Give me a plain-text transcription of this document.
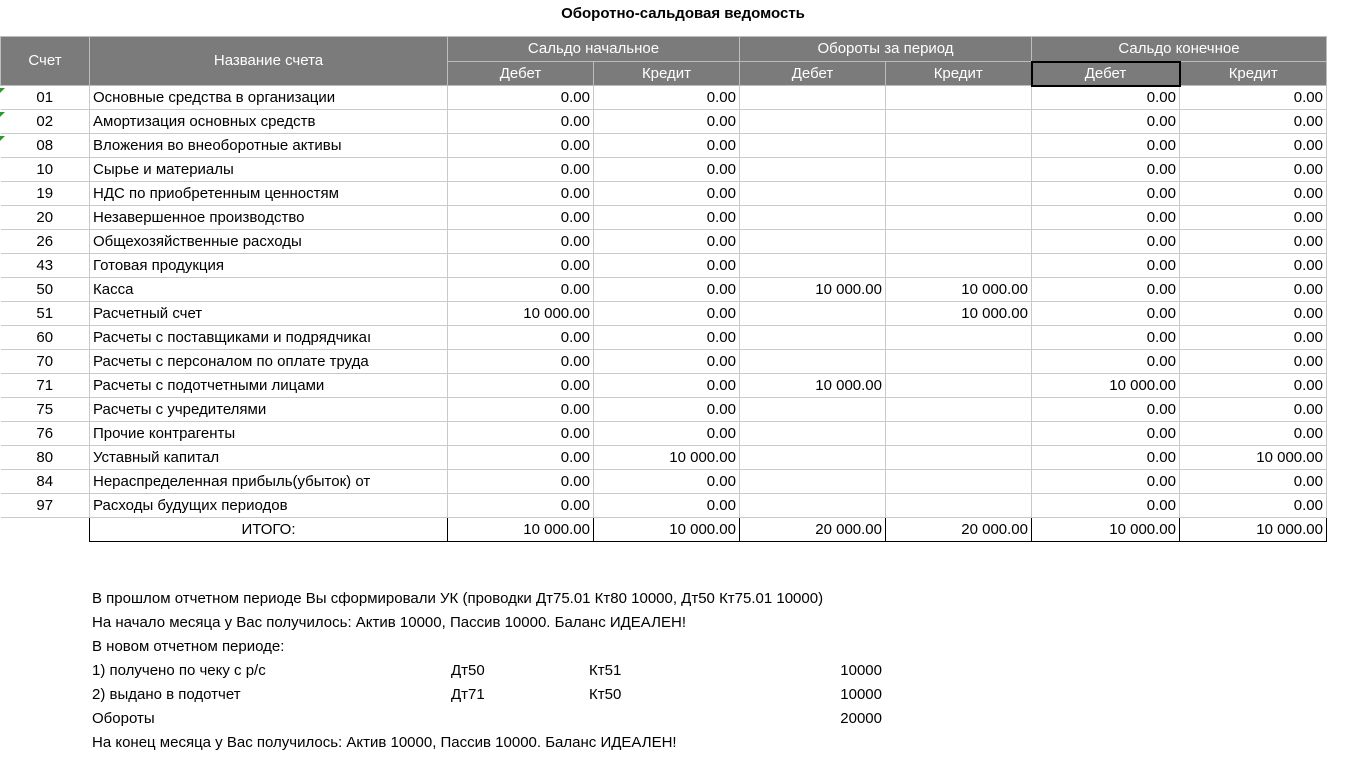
Оборотно-сальдовая ведомость
Счет	Название счета	Сальдо начальное		Обороты за период		Сальдо конечное	
		Дебет	Кредит	Дебет	Кредит	Дебет	Кредит
01	Основные средства в организации	0.00	0.00			0.00	0.00
02	Амортизация основных средств	0.00	0.00			0.00	0.00
08	Вложения во внеоборотные активы	0.00	0.00			0.00	0.00
10	Сырье и материалы	0.00	0.00			0.00	0.00
19	НДС по приобретенным ценностям	0.00	0.00			0.00	0.00
20	Незавершенное производство	0.00	0.00			0.00	0.00
26	Общехозяйственные расходы	0.00	0.00			0.00	0.00
43	Готовая продукция	0.00	0.00			0.00	0.00
50	Касса	0.00	0.00	10 000.00	10 000.00	0.00	0.00
51	Расчетный счет	10 000.00	0.00		10 000.00	0.00	0.00
60	Расчеты с поставщиками и подрядчикаı	0.00	0.00			0.00	0.00
70	Расчеты с персоналом по оплате труда	0.00	0.00			0.00	0.00
71	Расчеты с подотчетными лицами	0.00	0.00	10 000.00		10 000.00	0.00
75	Расчеты с учредителями	0.00	0.00			0.00	0.00
76	Прочие контрагенты	0.00	0.00			0.00	0.00
80	Уставный капитал	0.00	10 000.00			0.00	10 000.00
84	Нераспределенная прибыль(убыток) от	0.00	0.00			0.00	0.00
97	Расходы будущих периодов	0.00	0.00			0.00	0.00
	ИТОГО:	10 000.00	10 000.00	20 000.00	20 000.00	10 000.00	10 000.00
В прошлом отчетном периоде Вы сформировали УК (проводки Дт75.01 Кт80 10000, Дт50 Кт75.01 10000)
На начало месяца у Вас получилось: Актив 10000, Пассив 10000. Баланс ИДЕАЛЕН!
В новом отчетном периоде:
1) получено по чеку с р/с	Дт50	Кт51	10000
2) выдано в подотчет	Дт71	Кт50	10000
Обороты	20000
На конец месяца у Вас получилось: Актив 10000, Пассив 10000. Баланс ИДЕАЛЕН!
